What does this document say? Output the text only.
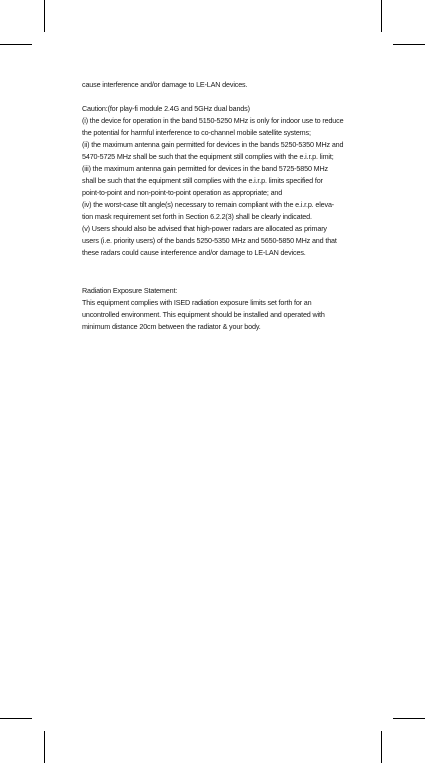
cause interference and/or damage to LE-LAN devices.
Caution:(for play-fi module 2.4G and 5GHz dual bands)
(i) the device for operation in the band 5150-5250 MHz is only for indoor use to reduce
the potential for harmful interference to co-channel mobile satellite systems;
(ii) the maximum antenna gain permitted for devices in the bands 5250-5350 MHz and
5470-5725 MHz shall be such that the equipment still complies with the e.i.r.p. limit;
(iii) the maximum antenna gain permitted for devices in the band 5725-5850 MHz
shall be such that the equipment still complies with the e.i.r.p. limits specified for
point-to-point and non-point-to-point operation as appropriate; and
(iv) the worst-case tilt angle(s) necessary to remain compliant with the e.i.r.p. eleva-
tion mask requirement set forth in Section 6.2.2(3) shall be clearly indicated.
(v) Users should also be advised that high-power radars are allocated as primary
users (i.e. priority users) of the bands 5250-5350 MHz and 5650-5850 MHz and that
these radars could cause interference and/or damage to LE-LAN devices.
Radiation Exposure Statement:
This equipment complies with ISED radiation exposure limits set forth for an
uncontrolled environment. This equipment should be installed and operated with
minimum distance 20cm between the radiator & your body.
